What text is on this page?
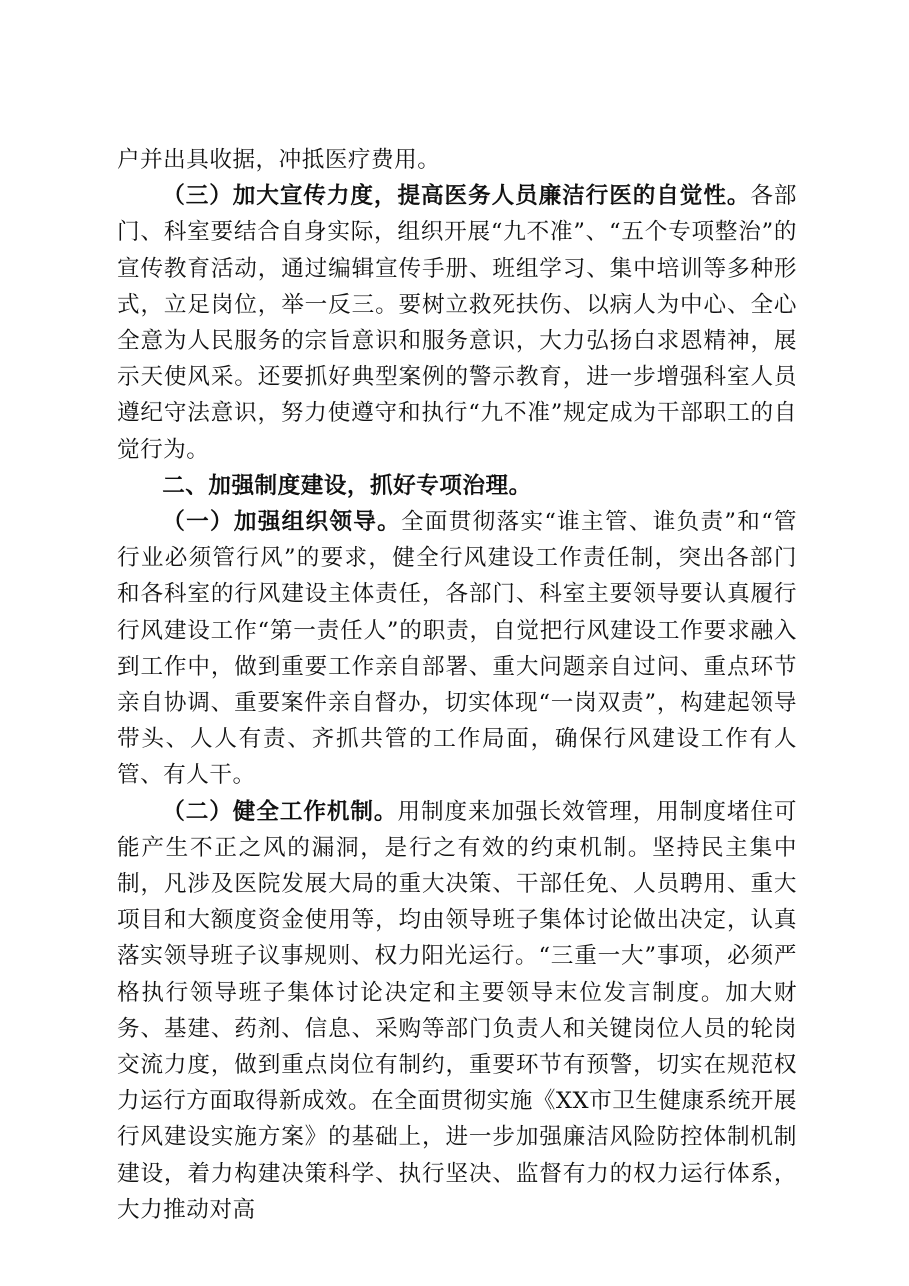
户并出具收据，冲抵医疗费用。

（三）加大宣传力度，提高医务人员廉洁行医的自觉性。各部门、科室要结合自身实际，组织开展“九不准”、“五个专项整治”的宣传教育活动，通过编辑宣传手册、班组学习、集中培训等多种形式，立足岗位，举一反三。要树立救死扶伤、以病人为中心、全心全意为人民服务的宗旨意识和服务意识，大力弘扬白求恩精神，展示天使风采。还要抓好典型案例的警示教育，进一步增强科室人员遵纪守法意识，努力使遵守和执行“九不准”规定成为干部职工的自觉行为。

二、加强制度建设，抓好专项治理。

（一）加强组织领导。全面贯彻落实“谁主管、谁负责”和“管行业必须管行风”的要求，健全行风建设工作责任制，突出各部门和各科室的行风建设主体责任，各部门、科室主要领导要认真履行行风建设工作“第一责任人”的职责，自觉把行风建设工作要求融入到工作中，做到重要工作亲自部署、重大问题亲自过问、重点环节亲自协调、重要案件亲自督办，切实体现“一岗双责”，构建起领导带头、人人有责、齐抓共管的工作局面，确保行风建设工作有人管、有人干。

（二）健全工作机制。用制度来加强长效管理，用制度堵住可能产生不正之风的漏洞，是行之有效的约束机制。坚持民主集中制，凡涉及医院发展大局的重大决策、干部任免、人员聘用、重大项目和大额度资金使用等，均由领导班子集体讨论做出决定，认真落实领导班子议事规则、权力阳光运行。“三重一大”事项，必须严格执行领导班子集体讨论决定和主要领导末位发言制度。加大财务、基建、药剂、信息、采购等部门负责人和关键岗位人员的轮岗交流力度，做到重点岗位有制约，重要环节有预警，切实在规范权力运行方面取得新成效。在全面贯彻实施《XX市卫生健康系统开展行风建设实施方案》的基础上，进一步加强廉洁风险防控体制机制建设，着力构建决策科学、执行坚决、监督有力的权力运行体系，大力推动对高
